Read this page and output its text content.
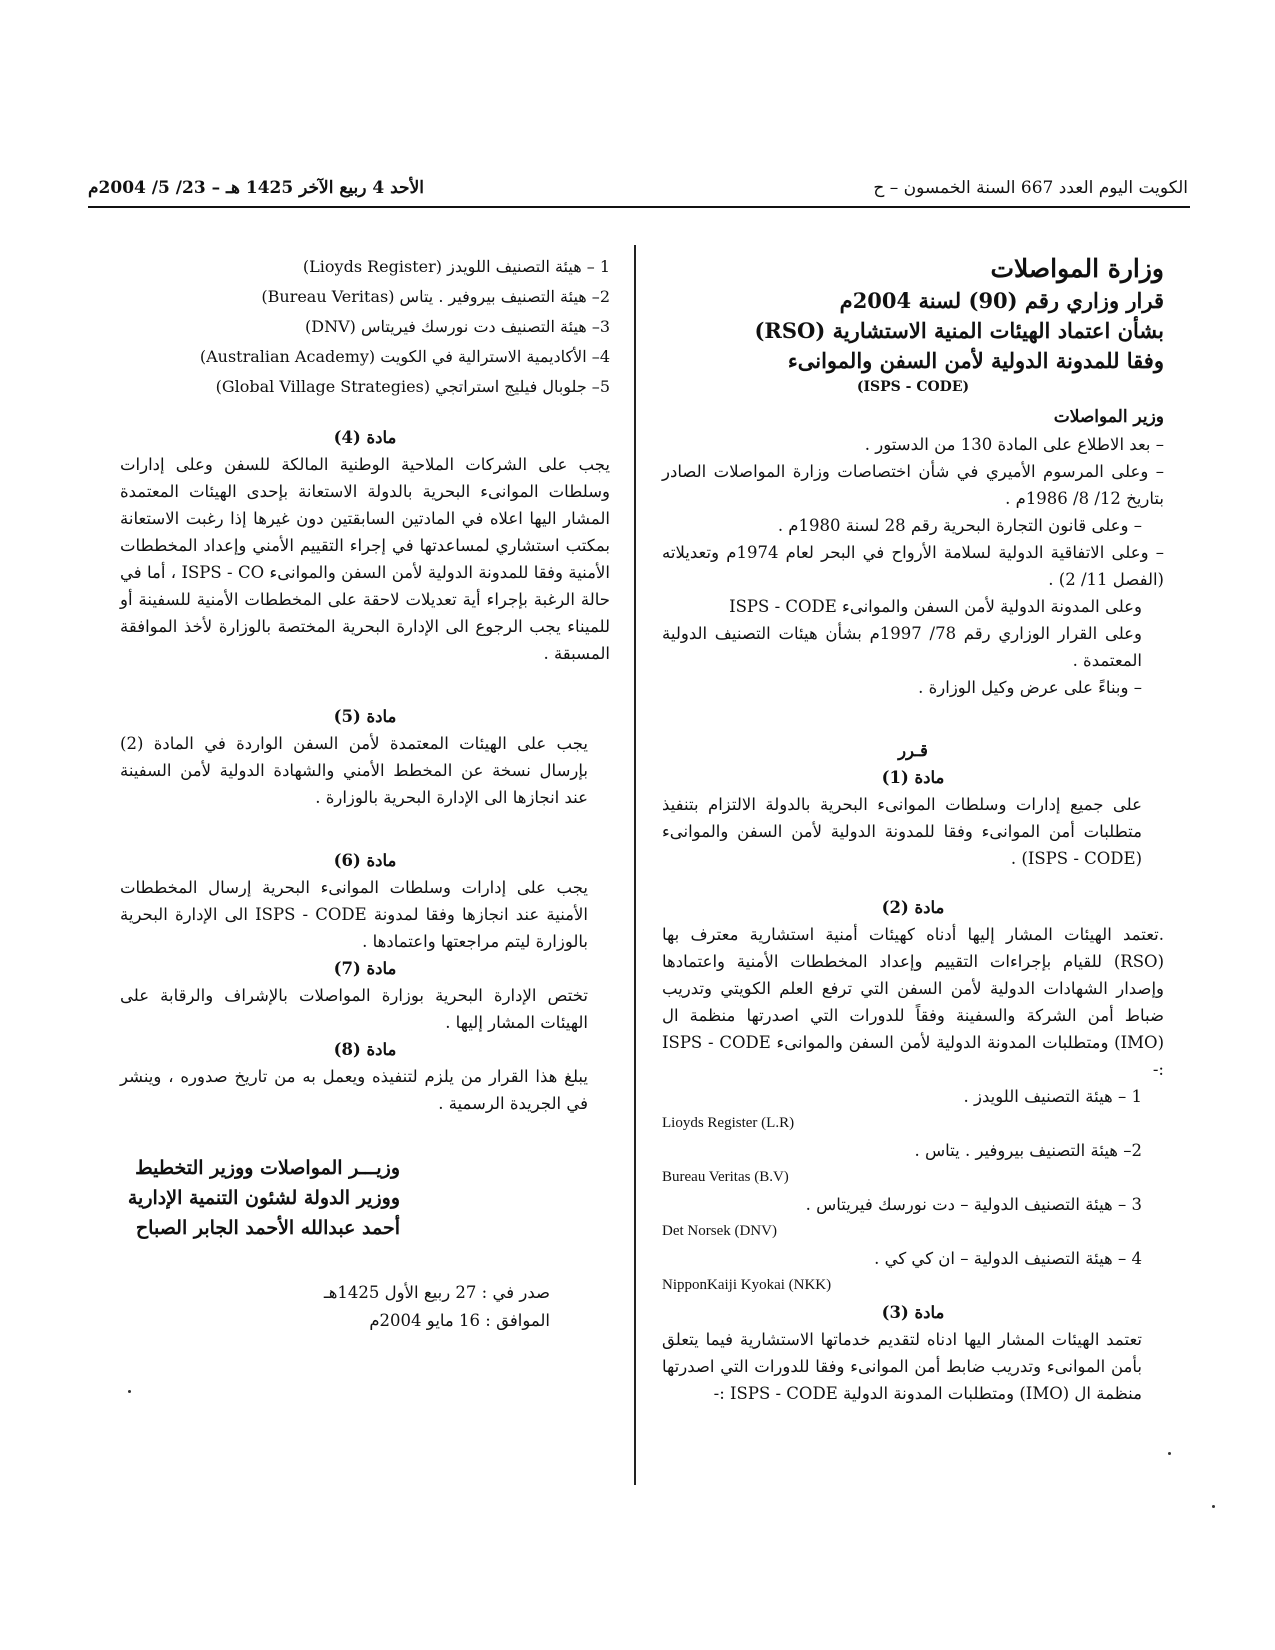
الكويت اليوم العدد 667 السنة الخمسون – ح
الأحد 4 ربيع الآخر 1425 هـ – 23/ 5/ 2004م

وزارة المواصلات

قرار وزاري رقم (90) لسنة 2004م

بشأن اعتماد الهيئات المنية الاستشارية (RSO)

وفقا للمدونة الدولية لأمن السفن والموانىء

(ISPS - CODE)

وزير المواصلات

– بعد الاطلاع على المادة 130 من الدستور .

– وعلى المرسوم الأميري في شأن اختصاصات وزارة المواصلات الصادر بتاريخ 12/ 8/ 1986م .

– وعلى قانون التجارة البحرية رقم 28 لسنة 1980م .

– وعلى الاتفاقية الدولية لسلامة الأرواح في البحر لعام 1974م وتعديلاته (الفصل 11/ 2) .

وعلى المدونة الدولية لأمن السفن والموانىء ISPS - CODE

وعلى القرار الوزاري رقم 78/ 1997م بشأن هيئات التصنيف الدولية المعتمدة .

– وبناءً على عرض وكيل الوزارة .

قـرر

مادة (1)

على جميع إدارات وسلطات الموانىء البحرية بالدولة الالتزام بتنفيذ متطلبات أمن الموانىء وفقا للمدونة الدولية لأمن السفن والموانىء (ISPS - CODE) .

مادة (2)

.تعتمد الهيئات المشار إليها أدناه كهيئات أمنية استشارية معترف بها (RSO) للقيام بإجراءات التقييم وإعداد المخططات الأمنية واعتمادها وإصدار الشهادات الدولية لأمن السفن التي ترفع العلم الكويتي وتدريب ضباط أمن الشركة والسفينة وفقاً للدورات التي اصدرتها منظمة ال (IMO) ومتطلبات المدونة الدولية لأمن السفن والموانىء ISPS - CODE :-

1 – هيئة التصنيف اللويدز .

Lioyds Register (L.R)

2– هيئة التصنيف بيروفير . يتاس .

Bureau Veritas (B.V)

3 – هيئة التصنيف الدولية – دت نورسك فيريتاس .

Det Norsek (DNV)

4 – هيئة التصنيف الدولية – ان كي كي .

NipponKaiji Kyokai (NKK)

مادة (3)

تعتمد الهيئات المشار اليها ادناه لتقديم خدماتها الاستشارية فيما يتعلق بأمن الموانىء وتدريب ضابط أمن الموانىء وفقا للدورات التي اصدرتها منظمة ال (IMO) ومتطلبات المدونة الدولية ISPS - CODE :-

1 – هيئة التصنيف اللويدز (Lioyds Register)
2– هيئة التصنيف بيروفير . يتاس (Bureau Veritas)
3– هيئة التصنيف دت نورسك فيريتاس (DNV)
4– الأكاديمية الاسترالية في الكويت (Australian Academy)
5– جلوبال فيليج استراتجي (Global Village Strategies)

مادة (4)

يجب على الشركات الملاحية الوطنية المالكة للسفن وعلى إدارات وسلطات الموانىء البحرية بالدولة الاستعانة بإحدى الهيئات المعتمدة المشار اليها اعلاه في المادتين السابقتين دون غيرها إذا رغبت الاستعانة بمكتب استشاري لمساعدتها في إجراء التقييم الأمني وإعداد المخططات الأمنية وفقا للمدونة الدولية لأمن السفن والموانىء ISPS - CO ، أما في حالة الرغبة بإجراء أية تعديلات لاحقة على المخططات الأمنية للسفينة أو للميناء يجب الرجوع الى الإدارة البحرية المختصة بالوزارة لأخذ الموافقة المسبقة .

مادة (5)

يجب على الهيئات المعتمدة لأمن السفن الواردة في المادة (2) بإرسال نسخة عن المخطط الأمني والشهادة الدولية لأمن السفينة عند انجازها الى الإدارة البحرية بالوزارة .

مادة (6)

يجب على إدارات وسلطات الموانىء البحرية إرسال المخططات الأمنية عند انجازها وفقا لمدونة ISPS - CODE الى الإدارة البحرية بالوزارة ليتم مراجعتها واعتمادها .

مادة (7)

تختص الإدارة البحرية بوزارة المواصلات بالإشراف والرقابة على الهيئات المشار إليها .

مادة (8)

يبلغ هذا القرار من يلزم لتنفيذه ويعمل به من تاريخ صدوره ، وينشر في الجريدة الرسمية .

وزيـــر المواصلات ووزير التخطيط

ووزير الدولة لشئون التنمية الإدارية

أحمد عبدالله الأحمد الجابر الصباح

صدر في : 27 ربيع الأول 1425هـ

الموافق : 16 مايو 2004م
